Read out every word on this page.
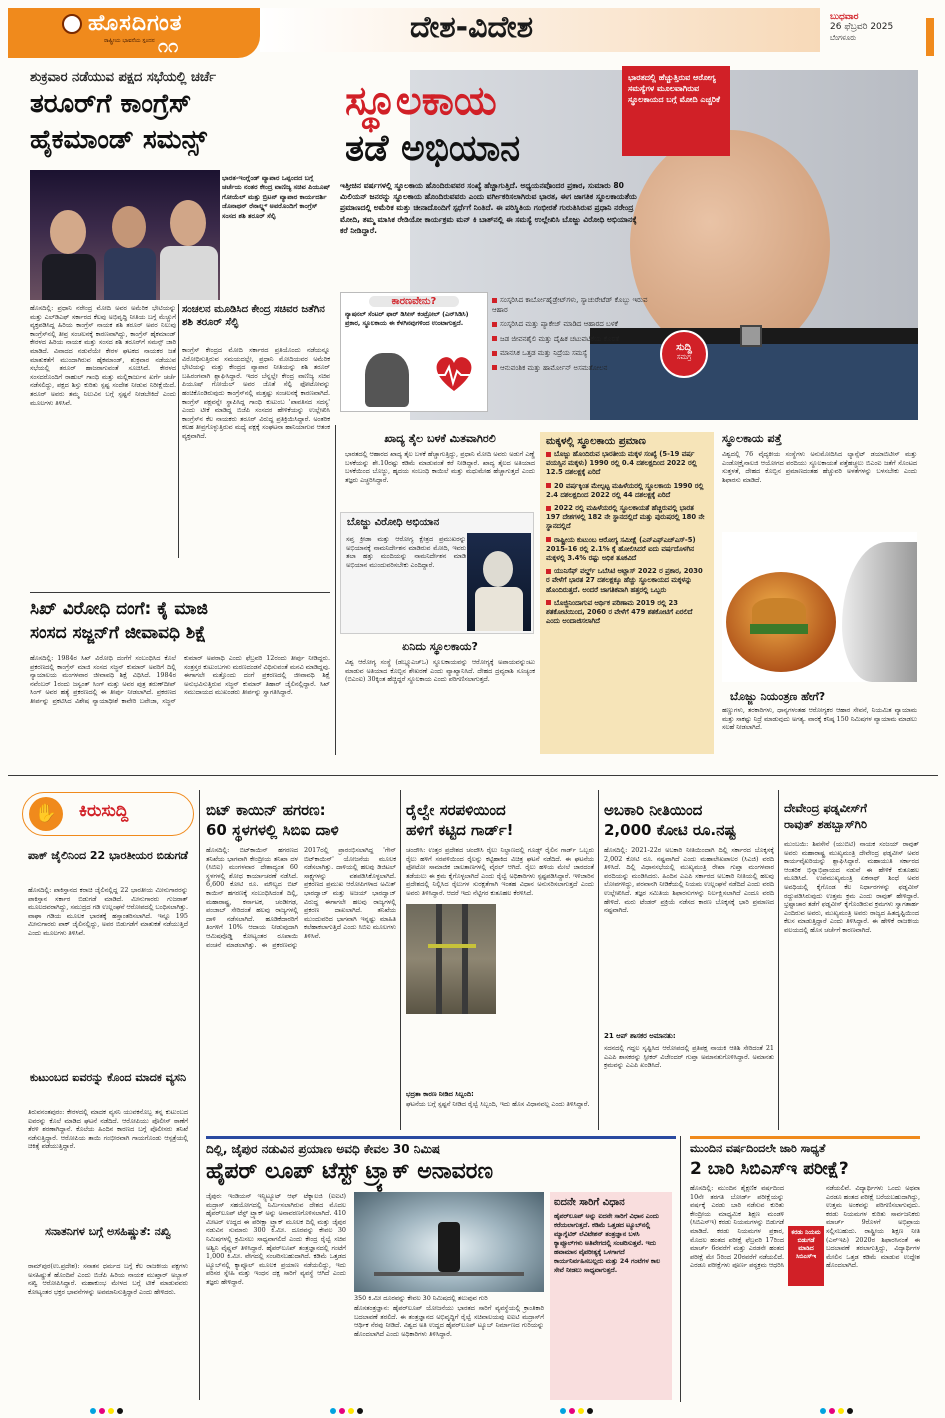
ಹೊಸದಿಗಂತ
ರಾಷ್ಟ್ರೀಯ ಭಾವನೆಯ ಸ್ಪಂದನ ೧೧
ದೇಶ-ವಿದೇಶ	ಬುಧವಾರ
26 ಫೆಬ್ರವರಿ 2025
ಬೆಂಗಳೂರು
ಶುಕ್ರವಾರ ನಡೆಯುವ ಪಕ್ಷದ ಸಭೆಯಲ್ಲಿ ಚರ್ಚೆ
ತರೂರ್‌ಗೆ ಕಾಂಗ್ರೆಸ್
ಹೈಕಮಾಂಡ್ ಸಮನ್ಸ್
ಭಾರತ-ಇಂಗ್ಲೆಂಡ್ ವ್ಯಾಪಾರ ಒಪ್ಪಂದದ ಬಗ್ಗೆ ಚರ್ಚೆಯ ನಂತರ ಕೇಂದ್ರ ವಾಣಿಜ್ಯ ಸಚಿವ ಪಿಯೂಷ್ ಗೋಯೆಲ್ ಮತ್ತು ಬ್ರಿಟನ್ ವ್ಯಾಪಾರ ಕಾರ್ಯದರ್ಶಿ ಜೊನಾಥನ್ ರೆನಾಲ್ಡ್ಸ್ ಅವರೊಂದಿಗೆ ಕಾಂಗ್ರೆಸ್ ಸಂಸದ ಶಶಿ ತರೂರ್ ಸೆಲ್ಫಿ
ಹೊಸದಿಲ್ಲಿ: ಪ್ರಧಾನಿ ನರೇಂದ್ರ ಮೋದಿ ಅವರ ಅಮೆರಿಕ ಭೇಟಿಯನ್ನು ಮತ್ತು ಎಲ್‌ಡಿಎಫ್ ಸರ್ಕಾರದ ಕೆಲವು ಅಭಿವೃದ್ಧಿ ನೀತಿಯ ಬಗ್ಗೆ ಮೆಚ್ಚುಗೆ ವ್ಯಕ್ತಪಡಿಸಿದ್ದ ಹಿರಿಯ ಕಾಂಗ್ರೆಸ್ ನಾಯಕ ಶಶಿ ತರೂರ್ ಅವರ ನಿಲುವು ಕಾಂಗ್ರೆಸ್‌ನಲ್ಲಿ ತೀವ್ರ ಸಂಚಲನಕ್ಕೆ ಕಾರಣವಾಗಿದ್ದು, ಕಾಂಗ್ರೆಸ್ ಹೈಕಮಾಂಡ್ ಕೇರಳದ ಹಿರಿಯ ನಾಯಕ ಮತ್ತು ಸಂಸದ ಶಶಿ ತರೂರ್‌ಗೆ ಸಮನ್ಸ್ ಜಾರಿ ಮಾಡಿದೆ. ವಿವಾದದ ನಡುವೆಯೇ ಕೇರಳ ಘಟಕದ ನಾಯಕರ ಜತೆ ಮಾತುಕತೆಗೆ ಮುಂದಾಗಿರುವ ಹೈಕಮಾಂಡ್, ಶುಕ್ರವಾರ ನಡೆಯುವ ಸಭೆಯಲ್ಲಿ ತರೂರ್ ಹಾಜರಾಗುವಂತೆ ಸೂಚಿಸಿದೆ. ಕೇರಳದ ಸಂಸದರೊಂದಿಗೆ ರಾಹುಲ್ ಗಾಂಧಿ ಮತ್ತು ಮಲ್ಲಿಕಾರ್ಜುನ ಖರ್ಗೆ ಚರ್ಚೆ ನಡೆಸಲಿದ್ದು, ಪಕ್ಷದ ಶಿಸ್ತು ಕುರಿತು ಸ್ಪಷ್ಟ ಸಂದೇಶ ನೀಡುವ ನಿರೀಕ್ಷೆಯಿದೆ. ತರೂರ್ ಅವರು ತಮ್ಮ ನಿಲುವಿನ ಬಗ್ಗೆ ಸ್ಪಷ್ಟನೆ ನೀಡಬೇಕಿದೆ ಎಂದು ಮೂಲಗಳು ತಿಳಿಸಿವೆ.
ಸಂಚಲನ ಮೂಡಿಸಿದ ಕೇಂದ್ರ ಸಚಿವರ ಜತೆಗಿನ ಶಶಿ ತರೂರ್ ಸೆಲ್ಫಿ
ಕಾಂಗ್ರೆಸ್ ಕೇಂದ್ರದ ಮೋದಿ ಸರ್ಕಾರದ ಪ್ರತಿಯೊಂದು ನಡೆಯನ್ನೂ ವಿರೋಧಿಸುತ್ತಿರುವ ಸಮಯದಲ್ಲೇ, ಪ್ರಧಾನಿ ಮೋದಿಯವರ ಅಮೆರಿಕ ಭೇಟಿಯನ್ನು ಮತ್ತು ಕೇಂದ್ರದ ವ್ಯಾಪಾರ ನೀತಿಯನ್ನು ಶಶಿ ತರೂರ್ ಬಹಿರಂಗವಾಗಿ ಶ್ಲಾಘಿಸಿದ್ದಾರೆ. ಇದರ ಬೆನ್ನಲ್ಲೇ ಕೇಂದ್ರ ವಾಣಿಜ್ಯ ಸಚಿವ ಪಿಯೂಷ್ ಗೋಯೆಲ್ ಅವರ ಜೊತೆ ಸೆಲ್ಫಿ ಫೋಟೋವನ್ನು ಹಂಚಿಕೊಂಡಿರುವುದು ಕಾಂಗ್ರೆಸ್‌ನಲ್ಲಿ ಮತ್ತಷ್ಟು ಸಂಚಲನಕ್ಕೆ ಕಾರಣವಾಗಿದೆ. ಕಾಂಗ್ರೆಸ್ ಪಕ್ಷವನ್ನೇ ಸ್ಥಾಪಿಸಿದ್ದ ಗಾಂಧಿ ಕುಟುಂಬ 'ಪಾವತಿಸದ ಸದಸ್ಯ' ಎಂದು ಟೀಕೆ ಮಾಡಿದ್ದ ಬಿಜೆಪಿ ಸಂಸದರ ಹೇಳಿಕೆಯನ್ನು ಉಲ್ಲೇಖಿಸಿ ಕಾಂಗ್ರೆಸ್‌ನ ಕೆಲ ನಾಯಕರು ತರೂರ್ ವಿರುದ್ಧ ಪ್ರತಿಕ್ರಿಯಿಸಿದ್ದಾರೆ. ಅಂತರಿಕ ಕಲಹ ತೀವ್ರಗೊಳ್ಳುತ್ತಿರುವ ಮಧ್ಯೆ ಪಕ್ಷಕ್ಕೆ ಸಂಘಟನಾ ಹಾನಿಯಾಗುವ ಆತಂಕ ವ್ಯಕ್ತವಾಗಿದೆ.
ಸ್ಥೂಲಕಾಯ
ತಡೆ ಅಭಿಯಾನ
ಭಾರತದಲ್ಲಿ ಹೆಚ್ಚುತ್ತಿರುವ ಆರೋಗ್ಯ ಸಮಸ್ಯೆಗಳ ಮೂಲವಾಗಿರುವ ಸ್ಥೂಲಕಾಯದ ಬಗ್ಗೆ ಮೋದಿ ಎಚ್ಚರಿಕೆ
ಇತ್ತೀಚಿನ ವರ್ಷಗಳಲ್ಲಿ ಸ್ಥೂಲಕಾಯ ಹೊಂದಿರುವವರ ಸಂಖ್ಯೆ ಹೆಚ್ಚಾಗುತ್ತಿದೆ. ಅಧ್ಯಯನವೊಂದರ ಪ್ರಕಾರ, ಸುಮಾರು 80 ಮಿಲಿಯನ್ ಜನರನ್ನು ಸ್ಥೂಲಕಾಯ ಹೊಂದಿರುವವರು ಎಂದು ವರ್ಗೀಕರಿಸಲಾಗಿರುವ ಭಾರತ, ಈಗ ಜಾಗತಿಕ ಸ್ಥೂಲಕಾಯತೆಯ ಪ್ರಮಾಣದಲ್ಲಿ ಅಮೆರಿಕ ಮತ್ತು ಚೀನಾದೊಂದಿಗೆ ಸ್ಪರ್ಧೆಗೆ ನಿಂತಿದೆ. ಈ ಪರಿಸ್ಥಿತಿಯ ಗಂಭೀರತೆ ಗುರುತಿಸಿರುವ ಪ್ರಧಾನಿ ನರೇಂದ್ರ ಮೋದಿ, ತಮ್ಮ ಮಾಸಿಕ ರೇಡಿಯೋ ಕಾರ್ಯಕ್ರಮ ಮನ್ ಕಿ ಬಾತ್‌ನಲ್ಲಿ ಈ ಸಮಸ್ಯೆ ಉಲ್ಲೇಖಿಸಿ ಬೊಜ್ಜು ವಿರೋಧಿ ಅಭಿಯಾನಕ್ಕೆ ಕರೆ ನೀಡಿದ್ದಾರೆ.
ಕಾರಣವೇನು?
ನ್ಯಾಷನಲ್ ಸೆಂಟರ್ ಫಾರ್ ಡಿಸೀಸ್ ಕಂಟ್ರೋಲ್ (ಎನ್‌ಸಿಡಿಸಿ) ಪ್ರಕಾರ, ಸ್ಥೂಲಕಾಯ ಈ ಕೆಳಗಿನವುಗಳಿಂದ ಉಂಟಾಗುತ್ತದೆ.
ಸಂಸ್ಕರಿಸಿದ ಕಾರ್ಬೋಹೈಡ್ರೇಟ್‌ಗಳು, ಸ್ಯಾಚುರೇಟೆಡ್ ಕೊಬ್ಬು ಇರುವ ಆಹಾರ
ಸಂಸ್ಕರಿಸಿದ ಮತ್ತು ಪ್ಯಾಕೇಜ್ ಮಾಡಿದ ಆಹಾರದ ಬಳಕೆ
ಜಡ ಜೀವನಶೈಲಿ ಮತ್ತು ದೈಹಿಕ ಚಟುವಟಿಕೆಯ ಕೊರತೆ
ಮಾನಸಿಕ ಒತ್ತಡ ಮತ್ತು ನಿದ್ರೆಯ ಸಮಸ್ಯೆ
ಆನುವಂಶಿಕ ಮತ್ತು ಹಾರ್ಮೋನ್ ಅಸಮತೋಲನ
ಸುದ್ದಿ
ಸಮಗ್ರ
ಖಾದ್ಯ ತೈಲ ಬಳಕೆ ಮಿತವಾಗಿರಲಿ
ಭಾರತದಲ್ಲಿ ಆಹಾರದ ಖಾದ್ಯ ತೈಲ ಬಳಕೆ ಹೆಚ್ಚಾಗುತ್ತಿದ್ದು, ಪ್ರಧಾನಿ ಮೋದಿ ಅವರು ಅಡುಗೆ ಎಣ್ಣೆ ಬಳಕೆಯನ್ನು ಶೇ.10ರಷ್ಟು ಕಡಿಮೆ ಮಾಡುವಂತೆ ಕರೆ ನೀಡಿದ್ದಾರೆ. ಖಾದ್ಯ ತೈಲದ ಅತಿಯಾದ ಬಳಕೆಯಿಂದ ಬೊಜ್ಜು, ಹೃದಯ ಸಂಬಂಧಿ ಕಾಯಿಲೆ ಮತ್ತು ಮಧುಮೇಹ ಹೆಚ್ಚಾಗುತ್ತದೆ ಎಂದು ತಜ್ಞರು ಎಚ್ಚರಿಸಿದ್ದಾರೆ.
ಬೊಜ್ಜು ವಿರೋಧಿ ಅಭಿಯಾನ
ಸಪ್ತ ಕ್ರೀಡಾ ಮತ್ತು ಆರೋಗ್ಯ ಕ್ಷೇತ್ರದ ಪ್ರಮುಖರನ್ನು ಅಭಿಯಾನಕ್ಕೆ ನಾಮನಿರ್ದೇಶನ ಮಾಡಿರುವ ಮೋದಿ, ಇವರು ತಲಾ ಹತ್ತು ಮಂದಿಯನ್ನು ನಾಮನಿರ್ದೇಶನ ಮಾಡಿ ಅಭಿಯಾನ ಮುಂದುವರಿಸಬೇಕು ಎಂದಿದ್ದಾರೆ.
ಏನಿದು ಸ್ಥೂಲಕಾಯ?
ವಿಶ್ವ ಆರೋಗ್ಯ ಸಂಸ್ಥೆ (ಡಬ್ಲ್ಯೂಎಚ್‌ಒ) ಸ್ಥೂಲಕಾಯವನ್ನು ಆರೋಗ್ಯಕ್ಕೆ ಅಪಾಯವನ್ನುಂಟು ಮಾಡುವ ಅತಿಯಾದ ಕೊಬ್ಬಿನ ಶೇಖರಣೆ ಎಂದು ವ್ಯಾಖ್ಯಾನಿಸಿದೆ. ದೇಹದ ದ್ರವ್ಯರಾಶಿ ಸೂಚ್ಯಂಕ (ಬಿಎಂಐ) 30ಕ್ಕಿಂತ ಹೆಚ್ಚಿದ್ದರೆ ಸ್ಥೂಲಕಾಯ ಎಂದು ಪರಿಗಣಿಸಲಾಗುತ್ತದೆ.
ಮಕ್ಕಳಲ್ಲಿ ಸ್ಥೂಲಕಾಯ ಪ್ರಮಾಣ
ಬೊಜ್ಜು ಹೊಂದಿರುವ ಭಾರತೀಯ ಮಕ್ಕಳ ಸಂಖ್ಯೆ (5-19 ವರ್ಷ ವಯಸ್ಸಿನ ಮಕ್ಕಳು) 1990 ರಲ್ಲಿ 0.4 ದಶಲಕ್ಷದಿಂದ 2022 ರಲ್ಲಿ 12.5 ದಶಲಕ್ಷಕ್ಕೆ ಏರಿದೆ
20 ವರ್ಷಕ್ಕಿಂತ ಮೇಲ್ಪಟ್ಟ ಮಹಿಳೆಯರಲ್ಲಿ ಸ್ಥೂಲಕಾಯ 1990 ರಲ್ಲಿ 2.4 ದಶಲಕ್ಷದಿಂದ 2022 ರಲ್ಲಿ 44 ದಶಲಕ್ಷಕ್ಕೆ ಏರಿದೆ
2022 ರಲ್ಲಿ ಮಹಿಳೆಯರಲ್ಲಿ ಸ್ಥೂಲಕಾಯತೆ ಹೆಚ್ಚಿರುವಲ್ಲಿ ಭಾರತ 197 ದೇಶಗಳಲ್ಲಿ 182 ನೇ ಸ್ಥಾನದಲ್ಲಿದೆ ಮತ್ತು ಪುರುಷರಲ್ಲಿ 180 ನೇ ಸ್ಥಾನದಲ್ಲಿದೆ
ರಾಷ್ಟ್ರೀಯ ಕುಟುಂಬ ಆರೋಗ್ಯ ಸಮೀಕ್ಷೆ (ಎನ್‌ಎಫ್‌ಎಚ್‌ಎಸ್-5) 2015-16 ರಲ್ಲಿ 2.1% ಕ್ಕೆ ಹೋಲಿಸಿದರೆ ಐದು ವರ್ಷದೊಳಗಿನ ಮಕ್ಕಳಲ್ಲಿ 3.4% ರಷ್ಟು ಅಧಿಕ ತೂಕವಿದೆ
ಯುನಿಸೆಫ್ ವರ್ಲ್ಡ್ ಒಬೆಸಿಟಿ ಅಟ್ಲಾಸ್ 2022 ರ ಪ್ರಕಾರ, 2030 ರ ವೇಳೆಗೆ ಭಾರತ 27 ದಶಲಕ್ಷಕ್ಕೂ ಹೆಚ್ಚು ಸ್ಥೂಲಕಾಯದ ಮಕ್ಕಳನ್ನು ಹೊಂದಿರುತ್ತದೆ. ಅಂದರೆ ಜಾಗತಿಕವಾಗಿ ಹತ್ತರಲ್ಲಿ ಒಬ್ಬರು
ಬೊಜ್ಜಿನಿಂದಾಗುವ ಆರ್ಥಿಕ ಪರಿಣಾಮ 2019 ರಲ್ಲಿ 23 ಶತಕೋಟಿಯಿಂದ, 2060 ರ ವೇಳೆಗೆ 479 ಶತಕೋಟಿಗೆ ಏರಲಿದೆ ಎಂದು ಅಂದಾಜಿಸಲಾಗಿದೆ
ಸ್ಥೂಲಕಾಯ ಪತ್ತೆ
ವಿಶ್ವದಲ್ಲಿ 76 ವೈದ್ಯಕೀಯ ಸಂಸ್ಥೆಗಳು ಅನುಮೋದಿಸಿದ ಲ್ಯಾನ್ಸೆಟ್ ಡಯಾಬಿಟೀಸ್ ಮತ್ತು ಎಂಡೋಕ್ರೈನಾಲಜಿ ಆಯೋಗದ ವರದಿಯು ಸ್ಥೂಲಕಾಯತೆ ಪತ್ತೆಹಚ್ಚಲು ಬಿಎಂಐ ಜತೆಗೆ ಸೊಂಟದ ಸುತ್ತಳತೆ, ದೇಹದ ಕೊಬ್ಬಿನ ಪ್ರಮಾಣದಂತಹ ಹೆಚ್ಚುವರಿ ಅಳತೆಗಳನ್ನು ಬಳಸಬೇಕು ಎಂದು ಶಿಫಾರಸು ಮಾಡಿದೆ.
ಬೊಜ್ಜು ನಿಯಂತ್ರಣ ಹೇಗೆ?
ಹಣ್ಣುಗಳು, ತರಕಾರಿಗಳು, ಧಾನ್ಯಗಳಂತಹ ಆರೋಗ್ಯಕರ ಆಹಾರ ಸೇವನೆ, ನಿಯಮಿತ ವ್ಯಾಯಾಮ ಮತ್ತು ಸಾಕಷ್ಟು ನಿದ್ರೆ ಮಾಡುವುದು ಅಗತ್ಯ. ವಾರಕ್ಕೆ ಕನಿಷ್ಠ 150 ನಿಮಿಷಗಳ ವ್ಯಾಯಾಮ ಮಾಡಲು ಸಲಹೆ ನೀಡಲಾಗಿದೆ.
ಸಿಖ್ ವಿರೋಧಿ ದಂಗೆ: ಕೈ ಮಾಜಿ
ಸಂಸದ ಸಜ್ಜನ್‌ಗೆ ಜೀವಾವಧಿ ಶಿಕ್ಷೆ
ಹೊಸದಿಲ್ಲಿ: 1984ರ ಸಿಖ್ ವಿರೋಧಿ ದಂಗೆಗೆ ಸಂಬಂಧಿಸಿದ ಕೊಲೆ ಪ್ರಕರಣದಲ್ಲಿ ಕಾಂಗ್ರೆಸ್ ಮಾಜಿ ಸಂಸದ ಸಜ್ಜನ್ ಕುಮಾರ್ ಅವರಿಗೆ ದಿಲ್ಲಿ ನ್ಯಾಯಾಲಯ ಮಂಗಳವಾರ ಜೀವಾವಧಿ ಶಿಕ್ಷೆ ವಿಧಿಸಿದೆ. 1984ರ ನವೆಂಬರ್ 1ರಂದು ಜಸ್ವಂತ್ ಸಿಂಗ್ ಮತ್ತು ಅವರ ಪುತ್ರ ತರುಣ್‌ದೀಪ್ ಸಿಂಗ್ ಅವರ ಹತ್ಯೆ ಪ್ರಕರಣದಲ್ಲಿ ಈ ತೀರ್ಪು ನೀಡಲಾಗಿದೆ. ಪ್ರಕರಣದ ತೀರ್ಪನ್ನು ಪ್ರಕಟಿಸಿದ ವಿಶೇಷ ನ್ಯಾಯಾಧೀಶೆ ಕಾವೇರಿ ಬವೇಜಾ, ಸಜ್ಜನ್ ಕುಮಾರ್ ಅಪರಾಧಿ ಎಂದು ಫೆಬ್ರವರಿ 12ರಂದು ತೀರ್ಪು ನೀಡಿದ್ದರು. ಸಂತ್ರಸ್ತರ ಕುಟುಂಬಗಳು ಮರಣದಂಡನೆ ವಿಧಿಸುವಂತೆ ಮನವಿ ಮಾಡಿದ್ದವು. ಈಗಾಗಲೇ ಮತ್ತೊಂದು ದಂಗೆ ಪ್ರಕರಣದಲ್ಲಿ ಜೀವಾವಧಿ ಶಿಕ್ಷೆ ಅನುಭವಿಸುತ್ತಿರುವ ಸಜ್ಜನ್ ಕುಮಾರ್ ತಿಹಾರ್ ಜೈಲಿನಲ್ಲಿದ್ದಾರೆ. ಸಿಖ್ ಸಮುದಾಯದ ಮುಖಂಡರು ತೀರ್ಪನ್ನು ಸ್ವಾಗತಿಸಿದ್ದಾರೆ.
✋	ಕಿರುಸುದ್ದಿ
ಪಾಕ್ ಜೈಲಿನಿಂದ 22 ಭಾರತೀಯರ ಬಿಡುಗಡೆ
ಹೊಸದಿಲ್ಲಿ: ಪಾಕಿಸ್ತಾನದ ಕರಾಚಿ ಜೈಲಿನಲ್ಲಿದ್ದ 22 ಭಾರತೀಯ ಮೀನುಗಾರರನ್ನು ಪಾಕಿಸ್ತಾನ ಸರ್ಕಾರ ಬಿಡುಗಡೆ ಮಾಡಿದೆ. ಮೀನುಗಾರರು ಗುಜರಾತ್ ಮೂಲದವರಾಗಿದ್ದು, ಸಮುದ್ರದ ಗಡಿ ಉಲ್ಲಂಘನೆ ಆರೋಪದಲ್ಲಿ ಬಂಧಿಸಲಾಗಿತ್ತು. ವಾಘಾ ಗಡಿಯ ಮೂಲಕ ಭಾರತಕ್ಕೆ ಹಸ್ತಾಂತರಿಸಲಾಗಿದೆ. ಇನ್ನೂ 195 ಮೀನುಗಾರರು ಪಾಕ್ ಜೈಲಿನಲ್ಲಿದ್ದು, ಅವರ ಬಿಡುಗಡೆಗೆ ಮಾತುಕತೆ ನಡೆಯುತ್ತಿದೆ ಎಂದು ಮೂಲಗಳು ತಿಳಿಸಿವೆ.
ಕುಟುಂಬದ ಐವರನ್ನು ಕೊಂದ ಮಾದಕ ವ್ಯಸನಿ
ತಿರುವನಂತಪುರಂ: ಕೇರಳದಲ್ಲಿ ಮಾದಕ ವ್ಯಸನಿ ಯುವಕನೊಬ್ಬ ತನ್ನ ಕುಟುಂಬದ ಐವರನ್ನು ಕೊಲೆ ಮಾಡಿದ ಘಟನೆ ನಡೆದಿದೆ. ಆರೋಪಿಯು ಪೊಲೀಸ್ ಠಾಣೆಗೆ ತೆರಳಿ ಶರಣಾಗಿದ್ದಾನೆ. ಕೊಲೆಯ ಹಿಂದಿನ ಕಾರಣದ ಬಗ್ಗೆ ಪೊಲೀಸರು ತನಿಖೆ ನಡೆಸುತ್ತಿದ್ದಾರೆ. ಆರೋಪಿಯ ತಾಯಿ ಗಂಭೀರವಾಗಿ ಗಾಯಗೊಂಡು ಆಸ್ಪತ್ರೆಯಲ್ಲಿ ಚಿಕಿತ್ಸೆ ಪಡೆಯುತ್ತಿದ್ದಾರೆ.
ಸನಾತನಿಗಳ ಬಗ್ಗೆ ಅಸಹಿಷ್ಣುತೆ: ನಖ್ವಿ
ರಾಮ್‌ಪುರ(ಉ.ಪ್ರದೇಶ): ಸನಾತನ ಧರ್ಮದ ಬಗ್ಗೆ ಕೆಲ ರಾಜಕೀಯ ಪಕ್ಷಗಳು ಅಸಹಿಷ್ಣುತೆ ಹೊಂದಿವೆ ಎಂದು ಬಿಜೆಪಿ ಹಿರಿಯ ನಾಯಕ ಮುಖ್ತಾರ್ ಅಬ್ಬಾಸ್ ನಖ್ವಿ ಆರೋಪಿಸಿದ್ದಾರೆ. ಮಹಾಕುಂಭ ಮೇಳದ ಬಗ್ಗೆ ಟೀಕೆ ಮಾಡುವವರು ಕೋಟ್ಯಂತರ ಭಕ್ತರ ಭಾವನೆಗಳನ್ನು ಅವಮಾನಿಸುತ್ತಿದ್ದಾರೆ ಎಂದು ಹೇಳಿದರು.
ಬಿಟ್ ಕಾಯಿನ್ ಹಗರಣ:
60 ಸ್ಥಳಗಳಲ್ಲಿ ಸಿಬಿಐ ದಾಳಿ
ಹೊಸದಿಲ್ಲಿ: ಬಿಟ್‌ಕಾಯಿನ್ ಹಗರಣದ ತನಿಖೆಯ ಭಾಗವಾಗಿ ಕೇಂದ್ರೀಯ ತನಿಖಾ ದಳ (ಸಿಬಿಐ) ಮಂಗಳವಾರ ದೇಶಾದ್ಯಂತ 60 ಸ್ಥಳಗಳಲ್ಲಿ ಶೋಧ ಕಾರ್ಯಾಚರಣೆ ನಡೆಸಿದೆ. 6,600 ಕೋಟಿ ರೂ. ಮೌಲ್ಯದ ಬಿಟ್ ಕಾಯಿನ್ ಹಗರಣಕ್ಕೆ ಸಂಬಂಧಿಸಿದಂತೆ ದಿಲ್ಲಿ, ಮಹಾರಾಷ್ಟ್ರ, ಕರ್ನಾಟಕ, ಚಂಡೀಗಢ, ಪಂಜಾಬ್ ಸೇರಿದಂತೆ ಹಲವು ರಾಜ್ಯಗಳಲ್ಲಿ ದಾಳಿ ನಡೆಸಲಾಗಿದೆ. ಹೂಡಿಕೆದಾರರಿಗೆ ತಿಂಗಳಿಗೆ 10% ಆದಾಯ ನೀಡುವುದಾಗಿ ಆಮಿಷವೊಡ್ಡಿ ಕೋಟ್ಯಂತರ ರೂಪಾಯಿ ವಂಚನೆ ಮಾಡಲಾಗಿತ್ತು. ಈ ಪ್ರಕರಣವನ್ನು 2017ರಲ್ಲಿ ಪ್ರಾರಂಭಿಸಲಾಗಿದ್ದ 'ಗೇನ್ ಬಿಟ್‌ಕಾಯಿನ್' ಯೋಜನೆಯ ಮೂಲಕ ನಡೆಸಲಾಗಿತ್ತು. ದಾಳಿಯಲ್ಲಿ ಹಲವು ಡಿಜಿಟಲ್ ಸಾಕ್ಷ್ಯಗಳನ್ನು ವಶಪಡಿಸಿಕೊಳ್ಳಲಾಗಿದೆ. ಪ್ರಕರಣದ ಪ್ರಮುಖ ಆರೋಪಿಗಳಾದ ಅಮಿತ್ ಭಾರದ್ವಾಜ್ ಮತ್ತು ಅಜಯ್ ಭಾರದ್ವಾಜ್ ವಿರುದ್ಧ ಈಗಾಗಲೇ ಹಲವು ರಾಜ್ಯಗಳಲ್ಲಿ ಪ್ರಕರಣ ದಾಖಲಾಗಿದೆ. ತನಿಖೆಯ ಮುಂದುವರಿದ ಭಾಗವಾಗಿ ಇನ್ನಷ್ಟು ಮಾಹಿತಿ ಕಲೆಹಾಕಲಾಗುತ್ತಿದೆ ಎಂದು ಸಿಬಿಐ ಮೂಲಗಳು ತಿಳಿಸಿವೆ.
ರೈಲ್ವೇ ಸರಪಳಿಯಿಂದ
ಹಳಿಗೆ ಕಟ್ಟಿದ ಗಾರ್ಡ್!
ಚಂದೌಸಿ: ಉತ್ತರ ಪ್ರದೇಶದ ಚಂದೌಸಿ ರೈಲು ನಿಲ್ದಾಣದಲ್ಲಿ ಗೂಡ್ಸ್ ರೈಲಿನ ಗಾರ್ಡ್ ಒಬ್ಬರು ರೈಲು ಹಳಿಗೆ ಸರಪಳಿಯಿಂದ ರೈಲನ್ನು ಕಟ್ಟಿಹಾಕಿದ ವಿಚಿತ್ರ ಘಟನೆ ನಡೆದಿದೆ. ಈ ಘಟನೆಯ ಫೋಟೋ ಸಾಮಾಜಿಕ ಜಾಲತಾಣಗಳಲ್ಲಿ ವೈರಲ್ ಆಗಿದೆ. ರೈಲು ಹಳಿಯ ಮೇಲೆ ಜಾರದಂತೆ ತಡೆಯಲು ಈ ಕ್ರಮ ಕೈಗೊಳ್ಳಲಾಗಿದೆ ಎಂದು ರೈಲ್ವೆ ಅಧಿಕಾರಿಗಳು ಸ್ಪಷ್ಟಪಡಿಸಿದ್ದಾರೆ. ಇಳಿಜಾರಿನ ಪ್ರದೇಶದಲ್ಲಿ ನಿಲ್ಲಿಸಿದ ರೈಲುಗಳ ಸುರಕ್ಷತೆಗಾಗಿ ಇಂತಹ ವಿಧಾನ ಅನುಸರಿಸಲಾಗುತ್ತದೆ ಎಂದು ಅವರು ತಿಳಿಸಿದ್ದಾರೆ. ಆದರೆ ಇದು ನೆಟ್ಟಿಗರ ಕುತೂಹಲ ಕೆರಳಿಸಿದೆ.
ಭದ್ರತಾ ಕಾರಣ ನೀಡಿದ ಸಿಬ್ಬಂದಿ:
ಘಟನೆಯ ಬಗ್ಗೆ ಸ್ಪಷ್ಟನೆ ನೀಡಿದ ರೈಲ್ವೆ ಸಿಬ್ಬಂದಿ, ಇದು ಹೊಸ ವಿಧಾನವಲ್ಲ ಎಂದು ತಿಳಿಸಿದ್ದಾರೆ.
ಅಬಕಾರಿ ನೀತಿಯಿಂದ
2,000 ಕೋಟಿ ರೂ.ನಷ್ಟ
ಹೊಸದಿಲ್ಲಿ: 2021-22ರ ಅಬಕಾರಿ ನೀತಿಯಿಂದಾಗಿ ದಿಲ್ಲಿ ಸರ್ಕಾರದ ಬೊಕ್ಕಸಕ್ಕೆ 2,002 ಕೋಟಿ ರೂ. ನಷ್ಟವಾಗಿದೆ ಎಂದು ಮಹಾಲೇಖಪಾಲರ (ಸಿಎಜಿ) ವರದಿ ತಿಳಿಸಿದೆ. ದಿಲ್ಲಿ ವಿಧಾನಸಭೆಯಲ್ಲಿ ಮುಖ್ಯಮಂತ್ರಿ ರೇಖಾ ಗುಪ್ತಾ ಮಂಗಳವಾರ ವರದಿಯನ್ನು ಮಂಡಿಸಿದರು. ಹಿಂದಿನ ಎಎಪಿ ಸರ್ಕಾರದ ಅಬಕಾರಿ ನೀತಿಯಲ್ಲಿ ಹಲವು ಲೋಪಗಳಿದ್ದು, ಪರವಾನಗಿ ನೀಡಿಕೆಯಲ್ಲಿ ನಿಯಮ ಉಲ್ಲಂಘನೆ ನಡೆದಿದೆ ಎಂದು ವರದಿ ಉಲ್ಲೇಖಿಸಿದೆ. ತಜ್ಞರ ಸಮಿತಿಯ ಶಿಫಾರಸುಗಳನ್ನು ನಿರ್ಲಕ್ಷಿಸಲಾಗಿದೆ ಎಂದೂ ವರದಿ ಹೇಳಿದೆ. ಮರು ಟೆಂಡರ್ ಪ್ರಕ್ರಿಯೆ ನಡೆಸದ ಕಾರಣ ಬೊಕ್ಕಸಕ್ಕೆ ಭಾರಿ ಪ್ರಮಾಣದ ನಷ್ಟವಾಗಿದೆ.
21 ಆಪ್ ಶಾಸಕರ ಅಮಾನತು:
ಸದನದಲ್ಲಿ ಗದ್ದಲ ಸೃಷ್ಟಿಸಿದ ಆರೋಪದಲ್ಲಿ ಪ್ರತಿಪಕ್ಷ ನಾಯಕಿ ಆತಿಶಿ ಸೇರಿದಂತೆ 21 ಎಎಪಿ ಶಾಸಕರನ್ನು ಸ್ಪೀಕರ್ ವಿಜೇಂದರ್ ಗುಪ್ತಾ ಅಮಾನತುಗೊಳಿಸಿದ್ದಾರೆ. ಅಮಾನತು ಕ್ರಮವನ್ನು ಎಎಪಿ ಖಂಡಿಸಿದೆ.
ದೇವೇಂದ್ರ ಫಡ್ನವೀಸ್‌ಗೆ
ರಾವುತ್ ಶಹಬ್ಬಾಸ್‌ಗಿರಿ
ಮುಂಬಯಿ: ಶಿವಸೇನೆ (ಯುಬಿಟಿ) ನಾಯಕ ಸಂಜಯ್ ರಾವುತ್ ಅವರು ಮಹಾರಾಷ್ಟ್ರ ಮುಖ್ಯಮಂತ್ರಿ ದೇವೇಂದ್ರ ಫಡ್ನವೀಸ್ ಅವರ ಕಾರ್ಯವೈಖರಿಯನ್ನು ಶ್ಲಾಘಿಸಿದ್ದಾರೆ. ಮಹಾಯುತಿ ಸರ್ಕಾರದ ಆಂತರಿಕ ಭಿನ್ನಾಭಿಪ್ರಾಯದ ನಡುವೆ ಈ ಹೇಳಿಕೆ ಕುತೂಹಲ ಮೂಡಿಸಿದೆ. ಉಪಮುಖ್ಯಮಂತ್ರಿ ಏಕನಾಥ್ ಶಿಂಧೆ ಅವರ ಅವಧಿಯಲ್ಲಿ ಕೈಗೊಂಡ ಕೆಲ ನಿರ್ಧಾರಗಳನ್ನು ಫಡ್ನವೀಸ್ ರದ್ದುಪಡಿಸಿರುವುದು ಉತ್ತಮ ಕ್ರಮ ಎಂದು ರಾವುತ್ ಹೇಳಿದ್ದಾರೆ. ಭ್ರಷ್ಟಾಚಾರ ತಡೆಗೆ ಫಡ್ನವೀಸ್ ಕೈಗೊಂಡಿರುವ ಕ್ರಮಗಳು ಸ್ವಾಗತಾರ್ಹ ಎಂದಿರುವ ಅವರು, ಮುಖ್ಯಮಂತ್ರಿ ಅವರು ರಾಜ್ಯದ ಹಿತದೃಷ್ಟಿಯಿಂದ ಕೆಲಸ ಮಾಡುತ್ತಿದ್ದಾರೆ ಎಂದು ತಿಳಿಸಿದ್ದಾರೆ. ಈ ಹೇಳಿಕೆ ರಾಜಕೀಯ ವಲಯದಲ್ಲಿ ಹೊಸ ಚರ್ಚೆಗೆ ಕಾರಣವಾಗಿದೆ.
ದಿಲ್ಲಿ, ಜೈಪುರ ನಡುವಿನ ಪ್ರಯಾಣ ಅವಧಿ ಕೇವಲ 30 ನಿಮಿಷ
ಹೈಪರ್ ಲೂಪ್ ಟೆಸ್ಟ್ ಟ್ರ್ಯಾಕ್ ಅನಾವರಣ
ಜೈಪುರ: ಇಂಡಿಯನ್ ಇನ್ಸ್ಟಿಟ್ಯೂಟ್ ಆಫ್ ಟೆಕ್ನಾಲಜಿ (ಐಐಟಿ) ಮದ್ರಾಸ್ ಸಹಯೋಗದಲ್ಲಿ ನಿರ್ಮಿಸಲಾಗಿರುವ ದೇಶದ ಮೊದಲ ಹೈಪರ್‌ಲೂಪ್ ಟೆಸ್ಟ್ ಟ್ರ್ಯಾಕ್ ಅನ್ನು ಅನಾವರಣಗೊಳಿಸಲಾಗಿದೆ. 410 ಮೀಟರ್ ಉದ್ದದ ಈ ಪರೀಕ್ಷಾ ಟ್ರ್ಯಾಕ್ ಮೂಲಕ ದಿಲ್ಲಿ ಮತ್ತು ಜೈಪುರ ನಡುವಿನ ಸುಮಾರು 300 ಕಿ.ಮೀ. ದೂರವನ್ನು ಕೇವಲ 30 ನಿಮಿಷಗಳಲ್ಲಿ ಕ್ರಮಿಸಲು ಸಾಧ್ಯವಾಗಲಿದೆ ಎಂದು ಕೇಂದ್ರ ರೈಲ್ವೆ ಸಚಿವ ಅಶ್ವಿನಿ ವೈಷ್ಣವ್ ತಿಳಿಸಿದ್ದಾರೆ. ಹೈಪರ್‌ಲೂಪ್ ತಂತ್ರಜ್ಞಾನದಲ್ಲಿ ಗಂಟೆಗೆ 1,000 ಕಿ.ಮೀ. ವೇಗದಲ್ಲಿ ಸಂಚರಿಸಬಹುದಾಗಿದೆ. ಕಡಿಮೆ ಒತ್ತಡದ ಟ್ಯೂಬ್‌ನಲ್ಲಿ ಕ್ಯಾಪ್ಸೂಲ್ ಮೂಲಕ ಪ್ರಯಾಣ ನಡೆಯಲಿದ್ದು, ಇದು ಪರಿಸರ ಸ್ನೇಹಿ ಮತ್ತು ಇಂಧನ ದಕ್ಷ ಸಾರಿಗೆ ವ್ಯವಸ್ಥೆ ಆಗಿದೆ ಎಂದು ತಜ್ಞರು ಹೇಳಿದ್ದಾರೆ.
350 ಕಿ.ಮೀ ದೂರವನ್ನು ಕೇವಲ 30 ನಿಮಿಷದಲ್ಲಿ ತಲುಪುವ ಗುರಿ
ಹೊಸತಂತ್ರಜ್ಞಾನ: ಹೈಪರ್‌ಲೂಪ್ ಯೋಜನೆಯು ಭಾರತದ ಸಾರಿಗೆ ವ್ಯವಸ್ಥೆಯಲ್ಲಿ ಕ್ರಾಂತಿಕಾರಿ ಬದಲಾವಣೆ ತರಲಿದೆ. ಈ ತಂತ್ರಜ್ಞಾನದ ಅಭಿವೃದ್ಧಿಗೆ ರೈಲ್ವೆ ಸಚಿವಾಲಯವು ಐಐಟಿ ಮದ್ರಾಸ್‌ಗೆ ಆರ್ಥಿಕ ನೆರವು ನೀಡಿದೆ. ವಿಶ್ವದ ಅತಿ ಉದ್ದದ ಹೈಪರ್‌ಲೂಪ್ ಟ್ಯೂಬ್ ನಿರ್ಮಾಣದ ಗುರಿಯನ್ನು ಹೊಂದಲಾಗಿದೆ ಎಂದು ಅಧಿಕಾರಿಗಳು ತಿಳಿಸಿದ್ದಾರೆ.
ಐದನೇ ಸಾರಿಗೆ ವಿಧಾನ
ಹೈಪರ್‌ಲೂಪ್ ಅನ್ನು ಐದನೇ ಸಾರಿಗೆ ವಿಧಾನ ಎಂದು ಕರೆಯಲಾಗುತ್ತದೆ. ಕಡಿಮೆ ಒತ್ತಡದ ಟ್ಯೂಬ್‌ನಲ್ಲಿ ಮ್ಯಾಗ್ನೆಟಿಕ್ ಲೆವಿಟೇಶನ್ ತಂತ್ರಜ್ಞಾನ ಬಳಸಿ ಕ್ಯಾಪ್ಸೂಲ್‌ಗಳು ಅತಿವೇಗದಲ್ಲಿ ಸಂಚರಿಸುತ್ತವೆ. ಇದು ಹವಾಮಾನ ವೈಪರೀತ್ಯಕ್ಕೆ ಒಳಗಾಗದೆ ಕಾರ್ಯನಿರ್ವಹಿಸಬಲ್ಲದು ಮತ್ತು 24 ಗಂಟೆಗಳ ಕಾಲ ಸೇವೆ ನೀಡಲು ಸಾಧ್ಯವಾಗುತ್ತದೆ.
ಮುಂದಿನ ವರ್ಷದಿಂದಲೇ ಜಾರಿ ಸಾಧ್ಯತೆ
2 ಬಾರಿ ಸಿಬಿಎಸ್‌ಇ ಪರೀಕ್ಷೆ?
ಕರಡು ನಿಯಮ ಬಿಡುಗಡೆ ಮಾಡಿದ ಸಿಬಿಎಸ್‌ಇ
ಹೊಸದಿಲ್ಲಿ: ಮುಂದಿನ ಶೈಕ್ಷಣಿಕ ವರ್ಷದಿಂದ 10ನೇ ತರಗತಿ ಬೋರ್ಡ್ ಪರೀಕ್ಷೆಯನ್ನು ವರ್ಷಕ್ಕೆ ಎರಡು ಬಾರಿ ನಡೆಸುವ ಕುರಿತು ಕೇಂದ್ರೀಯ ಮಾಧ್ಯಮಿಕ ಶಿಕ್ಷಣ ಮಂಡಳಿ (ಸಿಬಿಎಸ್‌ಇ) ಕರಡು ನಿಯಮಗಳನ್ನು ಬಿಡುಗಡೆ ಮಾಡಿದೆ. ಕರಡು ನಿಯಮಗಳ ಪ್ರಕಾರ, ಮೊದಲ ಹಂತದ ಪರೀಕ್ಷೆ ಫೆಬ್ರವರಿ 17ರಿಂದ ಮಾರ್ಚ್ 6ರವರೆಗೆ ಮತ್ತು ಎರಡನೇ ಹಂತದ ಪರೀಕ್ಷೆ ಮೇ 5ರಿಂದ 20ರವರೆಗೆ ನಡೆಯಲಿದೆ. ಎರಡೂ ಪರೀಕ್ಷೆಗಳು ಪೂರ್ಣ ಪಠ್ಯಕ್ರಮ ಆಧರಿಸಿ ನಡೆಯಲಿವೆ. ವಿದ್ಯಾರ್ಥಿಗಳು ಒಂದು ಅಥವಾ ಎರಡೂ ಹಂತದ ಪರೀಕ್ಷೆ ಬರೆಯಬಹುದಾಗಿದ್ದು, ಉತ್ತಮ ಅಂಕವನ್ನು ಪರಿಗಣಿಸಲಾಗುವುದು. ಕರಡು ನಿಯಮಗಳ ಕುರಿತು ಸಾರ್ವಜನಿಕರು ಮಾರ್ಚ್ 9ರೊಳಗೆ ಅಭಿಪ್ರಾಯ ಸಲ್ಲಿಸಬಹುದು. ರಾಷ್ಟ್ರೀಯ ಶಿಕ್ಷಣ ನೀತಿ (ಎನ್‌ಇಪಿ) 2020ರ ಶಿಫಾರಸಿನಂತೆ ಈ ಬದಲಾವಣೆ ತರಲಾಗುತ್ತಿದ್ದು, ವಿದ್ಯಾರ್ಥಿಗಳ ಮೇಲಿನ ಒತ್ತಡ ಕಡಿಮೆ ಮಾಡುವ ಉದ್ದೇಶ ಹೊಂದಲಾಗಿದೆ.
